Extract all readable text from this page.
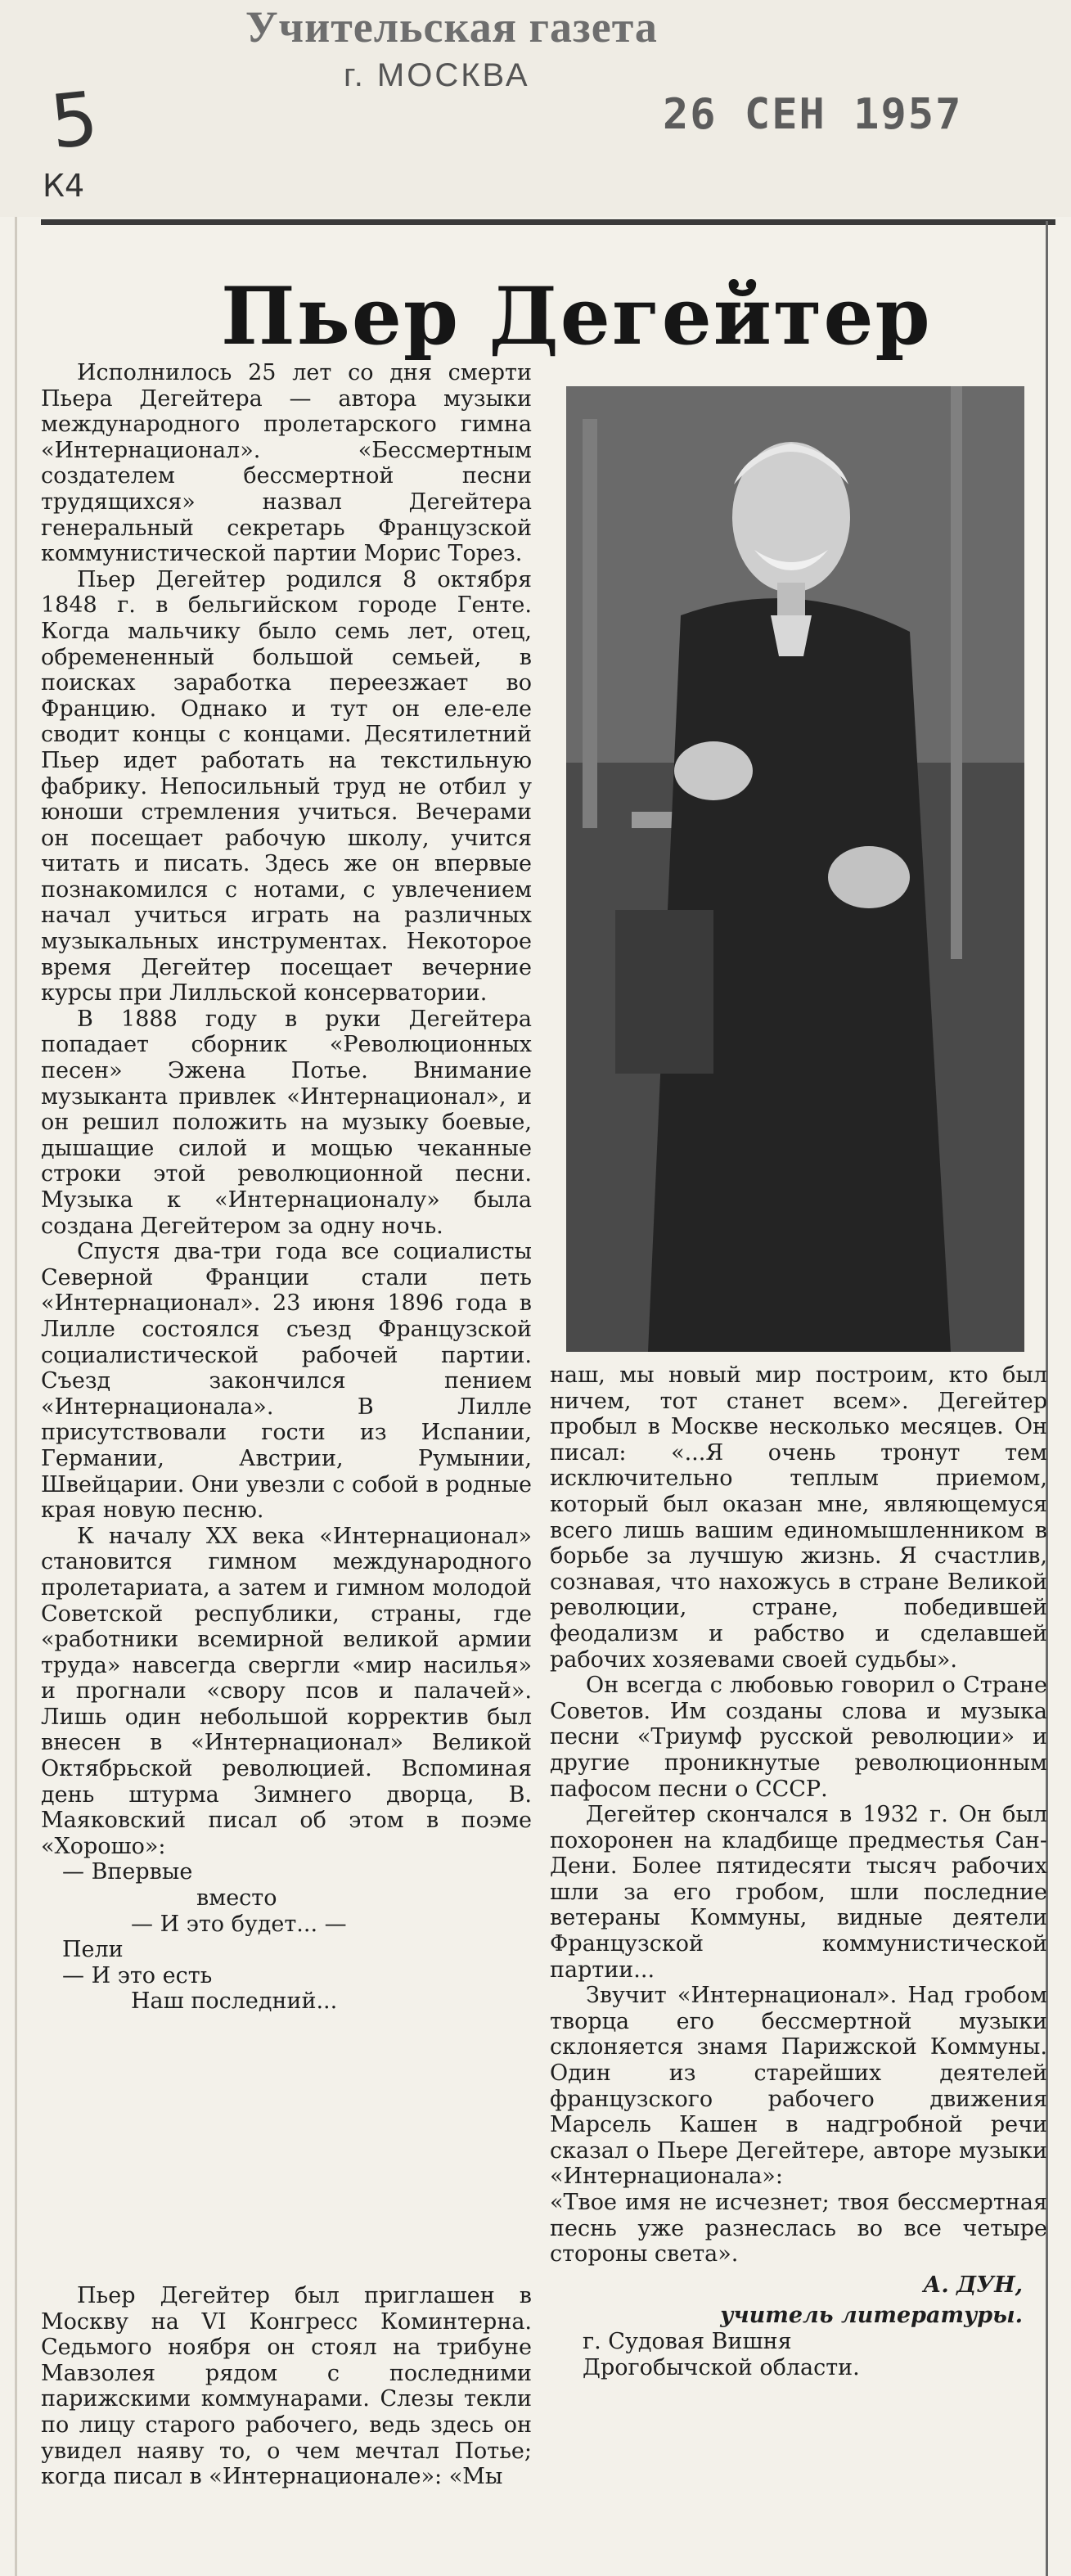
Учительская газета
г. МОСКВА
26 СЕН 1957
5
К4
Пьер Дегейтер

Исполнилось 25 лет со дня смерти Пьера Дегейтера — автора музыки международного пролетарского гимна «Интернационал». «Бессмертным создателем бессмертной песни трудящихся» назвал Дегейтера генеральный секретарь Французской коммунистической партии Морис Торез.

Пьер Дегейтер родился 8 октября 1848 г. в бельгийском городе Генте. Когда мальчику было семь лет, отец, обремененный большой семьей, в поисках заработка переезжает во Францию. Однако и тут он еле-еле сводит концы с концами. Десятилетний Пьер идет работать на текстильную фабрику. Непосильный труд не отбил у юноши стремления учиться. Вечерами он посещает рабочую школу, учится читать и писать. Здесь же он впервые познакомился с нотами, с увлечением начал учиться играть на различных музыкальных инструментах. Некоторое время Дегейтер посещает вечерние курсы при Лилльской консерватории.

В 1888 году в руки Дегейтера попадает сборник «Революционных песен» Эжена Потье. Внимание музыканта привлек «Интернационал», и он решил положить на музыку боевые, дышащие силой и мощью чеканные строки этой революционной песни. Музыка к «Интернационалу» была создана Дегейтером за одну ночь.

Спустя два-три года все социалисты Северной Франции стали петь «Интернационал». 23 июня 1896 года в Лилле состоялся съезд Французской социалистической рабочей партии. Съезд закончился пением «Интернационала». В Лилле присутствовали гости из Испании, Германии, Австрии, Румынии, Швейцарии. Они увезли с собой в родные края новую песню.

К началу XX века «Интернационал» становится гимном международного пролетариата, а затем и гимном молодой Советской республики, страны, где «работники всемирной великой армии труда» навсегда свергли «мир насилья» и прогнали «свору псов и палачей». Лишь один небольшой корректив был внесен в «Интернационал» Великой Октябрьской революцией. Вспоминая день штурма Зимнего дворца, В. Маяковский писал об этом в поэме «Хорошо»:

— Впервые
вместо
— И это будет... —
Пели
— И это есть
Наш последний...

Пьер Дегейтер был приглашен в Москву на VI Конгресс Коминтерна. Седьмого ноября он стоял на трибуне Мавзолея рядом с последними парижскими коммунарами. Слезы текли по лицу старого рабочего, ведь здесь он увидел наяву то, о чем мечтал Потье; когда писал в «Интернационале»: «Мы

наш, мы новый мир построим, кто был ничем, тот станет всем». Дегейтер пробыл в Москве несколько месяцев. Он писал: «...Я очень тронут тем исключительно теплым приемом, который был оказан мне, являющемуся всего лишь вашим единомышленником в борьбе за лучшую жизнь. Я счастлив, сознавая, что нахожусь в стране Великой революции, стране, победившей феодализм и рабство и сделавшей рабочих хозяевами своей судьбы».

Он всегда с любовью говорил о Стране Советов. Им созданы слова и музыка песни «Триумф русской революции» и другие проникнутые революционным пафосом песни о СССР.

Дегейтер скончался в 1932 г. Он был похоронен на кладбище предместья Сан-Дени. Более пятидесяти тысяч рабочих шли за его гробом, шли последние ветераны Коммуны, видные деятели Французской коммунистической партии...

Звучит «Интернационал». Над гробом творца его бессмертной музыки склоняется знамя Парижской Коммуны. Один из старейших деятелей французского рабочего движения Марсель Кашен в надгробной речи сказал о Пьере Дегейтере, авторе музыки «Интернационала»:

«Твое имя не исчезнет; твоя бессмертная песнь уже разнеслась во все четыре стороны света».

А. ДУН,
учитель литературы.
г. Судовая Вишня
Дрогобычской области.
